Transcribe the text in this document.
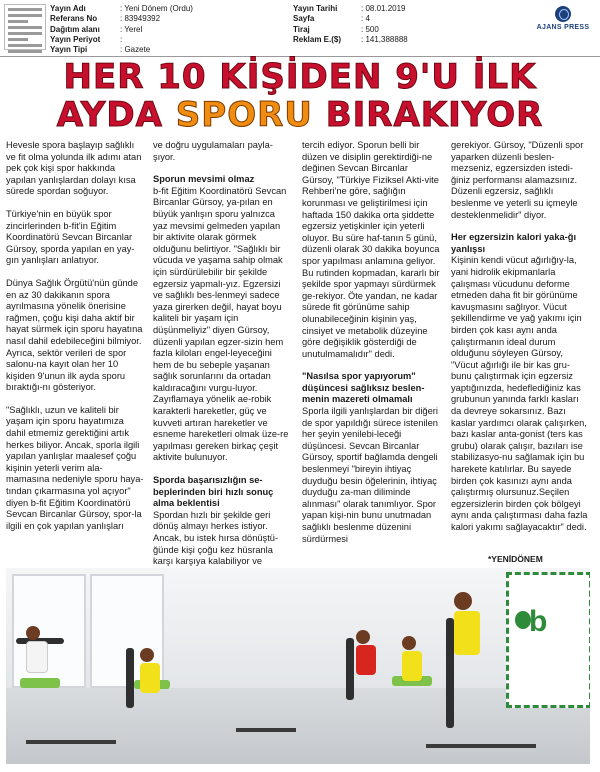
Yayın Adı	: Yeni Dönem (Ordu)
Referans No	: 83949392
Dağıtım alanı	: Yerel
Yayın Periyot	:
Yayın Tipi	: Gazete
Yayın Tarihi	: 08.01.2019
Sayfa	: 4
Tiraj	: 500
Reklam E.($)	: 141,388888
AJANS PRESS
HER 10 KİŞİDEN 9'U İLK
AYDA SPORU BIRAKIYOR

Hevesle spora başlayıp sağlıklı ve fit olma yolunda ilk adımı atan pek çok kişi spor hakkında yapılan yanlışlardan dolayı kısa sürede spordan soğuyor.

Türkiye'nin en büyük spor zincirlerinden b-fit'in Eğitim Koordinatörü Sevcan Bircanlar Gürsoy, sporda yapılan en yay-gın yanlışları anlatıyor.

Dünya Sağlık Örgütü'nün günde en az 30 dakikanın spora ayrılmasına yönelik önerisine rağmen, çoğu kişi daha aktif bir hayat sürmek için sporu hayatına nasıl dahil edebileceğini bilmiyor. Ayrıca, sektör verileri de spor salonu-na kayıt olan her 10 kişiden 9'unun ilk ayda sporu bıraktığı-nı gösteriyor.

"Sağlıklı, uzun ve kaliteli bir yaşam için sporu hayatımıza dahil etmemiz gerektiğini artık herkes biliyor. Ancak, sporla ilgili yapılan yanlışlar maalesef çoğu kişinin yeterli verim ala-mamasına nedeniyle sporu haya-tından çıkarmasına yol açıyor" diyen b-fit Eğitim Koordinatörü Sevcan Bircanlar Gürsoy, spor-la ilgili en çok yapılan yanlışları

ve doğru uygulamaları payla-şıyor.

Sporun mevsimi olmaz

b-fit Eğitim Koordinatörü Sevcan Bircanlar Gürsoy, ya-pılan en büyük yanlışın sporu yalnızca yaz mevsimi gelmeden yapılan bir aktivite olarak görmek olduğunu belirtiyor. "Sağlıklı bir vücuda ve yaşama sahip olmak için sürdürülebilir bir şekilde egzersiz yapmalı-yız. Egzersizi ve sağlıklı bes-lenmeyi sadece yaza girerken değil, hayat boyu kaliteli bir yaşam için düşünmeliyiz" diyen Gürsoy, düzenli yapılan egzer-sizin hem fazla kiloları engel-leyeceğini hem de bu sebeple yaşanan sağlık sorunlarını da ortadan kaldıracağını vurgu-luyor. Zayıflamaya yönelik ae-robik karakterli hareketler, güç ve kuvveti artıran hareketler ve esneme hareketleri olmak üze-re yapılması gereken birkaç çeşit aktivite bulunuyor.

Sporda başarısızlığın se-beplerinden biri hızlı sonuç alma beklentisi

Spordan hızlı bir şekilde geri dönüş almayı herkes istiyor. Ancak, bu istek hırsa dönüştü-ğünde kişi çoğu kez hüsranla karşı karşıya kalabiliyor ve

tercih ediyor. Sporun belli bir düzen ve disiplin gerektirdiği-ne değinen Sevcan Bircanlar Gürsoy, "Türkiye Fiziksel Akti-vite Rehberi'ne göre, sağlığın korunması ve geliştirilmesi için haftada 150 dakika orta şiddette egzersiz yetişkinler için yeterli oluyor. Bu süre haf-tanın 5 günü, düzenli olarak 30 dakika boyunca spor yapılması anlamına geliyor. Bu rutinden kopmadan, kararlı bir şekilde spor yapmayı sürdürmek ge-rekiyor. Öte yandan, ne kadar sürede fit görünüme sahip olunabileceğinin kişinin yaş, cinsiyet ve metabolik düzeyine göre değişiklik gösterdiği de unutulmamalıdır" dedi.

"Nasılsa spor yapıyorum" düşüncesi sağlıksız beslen-menin mazereti olmamalı

Sporla ilgili yanlışlardan bir diğeri de spor yapıldığı sürece istenilen her şeyin yenilebi-leceği düşüncesi. Sevcan Bircanlar Gürsoy, sportif bağlamda dengeli beslenmeyi "bireyin ihtiyaç duyduğu besin öğelerinin, ihtiyaç duyduğu za-man diliminde alınması" olarak tanımlıyor. Spor yapan kişi-nin bunu unutmadan sağlıklı beslenme düzenini sürdürmesi

gerekiyor. Gürsoy, "Düzenli spor yaparken düzenli beslen-mezseniz, egzersizden istedi-ğiniz performansı alamazsınız. Düzenli egzersiz, sağlıklı beslenme ve yeterli su içmeyle desteklenmelidir" diyor.

Her egzersizin kalori yaka-ğı yanlışsı

Kişinin kendi vücut ağırlığıy-la, yani hidrolik ekipmanlarla çalışması vücudunu deforme etmeden daha fit bir görünüme kavuşmasını sağlıyor. Vücut şekillendirme ve yağ yakımı için birden çok kası aynı anda çalıştırmanın ideal durum olduğunu söyleyen Gürsoy, "Vücut ağırlığı ile bir kas gru-bunu çalıştırmak için egzersiz yaptığınızda, hedeflediğiniz kas grubunun yanında farklı kasları da devreye sokarsınız. Bazı kaslar yardımcı olarak çalışırken, bazı kaslar anta-gonist (ters kas grubu) olarak çalışır, bazıları ise stabilizasyo-nu sağlamak için bu harekete katılırlar. Bu sayede birden çok kasınızı aynı anda çalıştırmış olursunuz.Seçilen egzersizlerin birden çok bölgeyi aynı anda çalıştırması daha fazla kalori yakımı sağlayacaktır" dedi.

*YENİDÖNEM
b
